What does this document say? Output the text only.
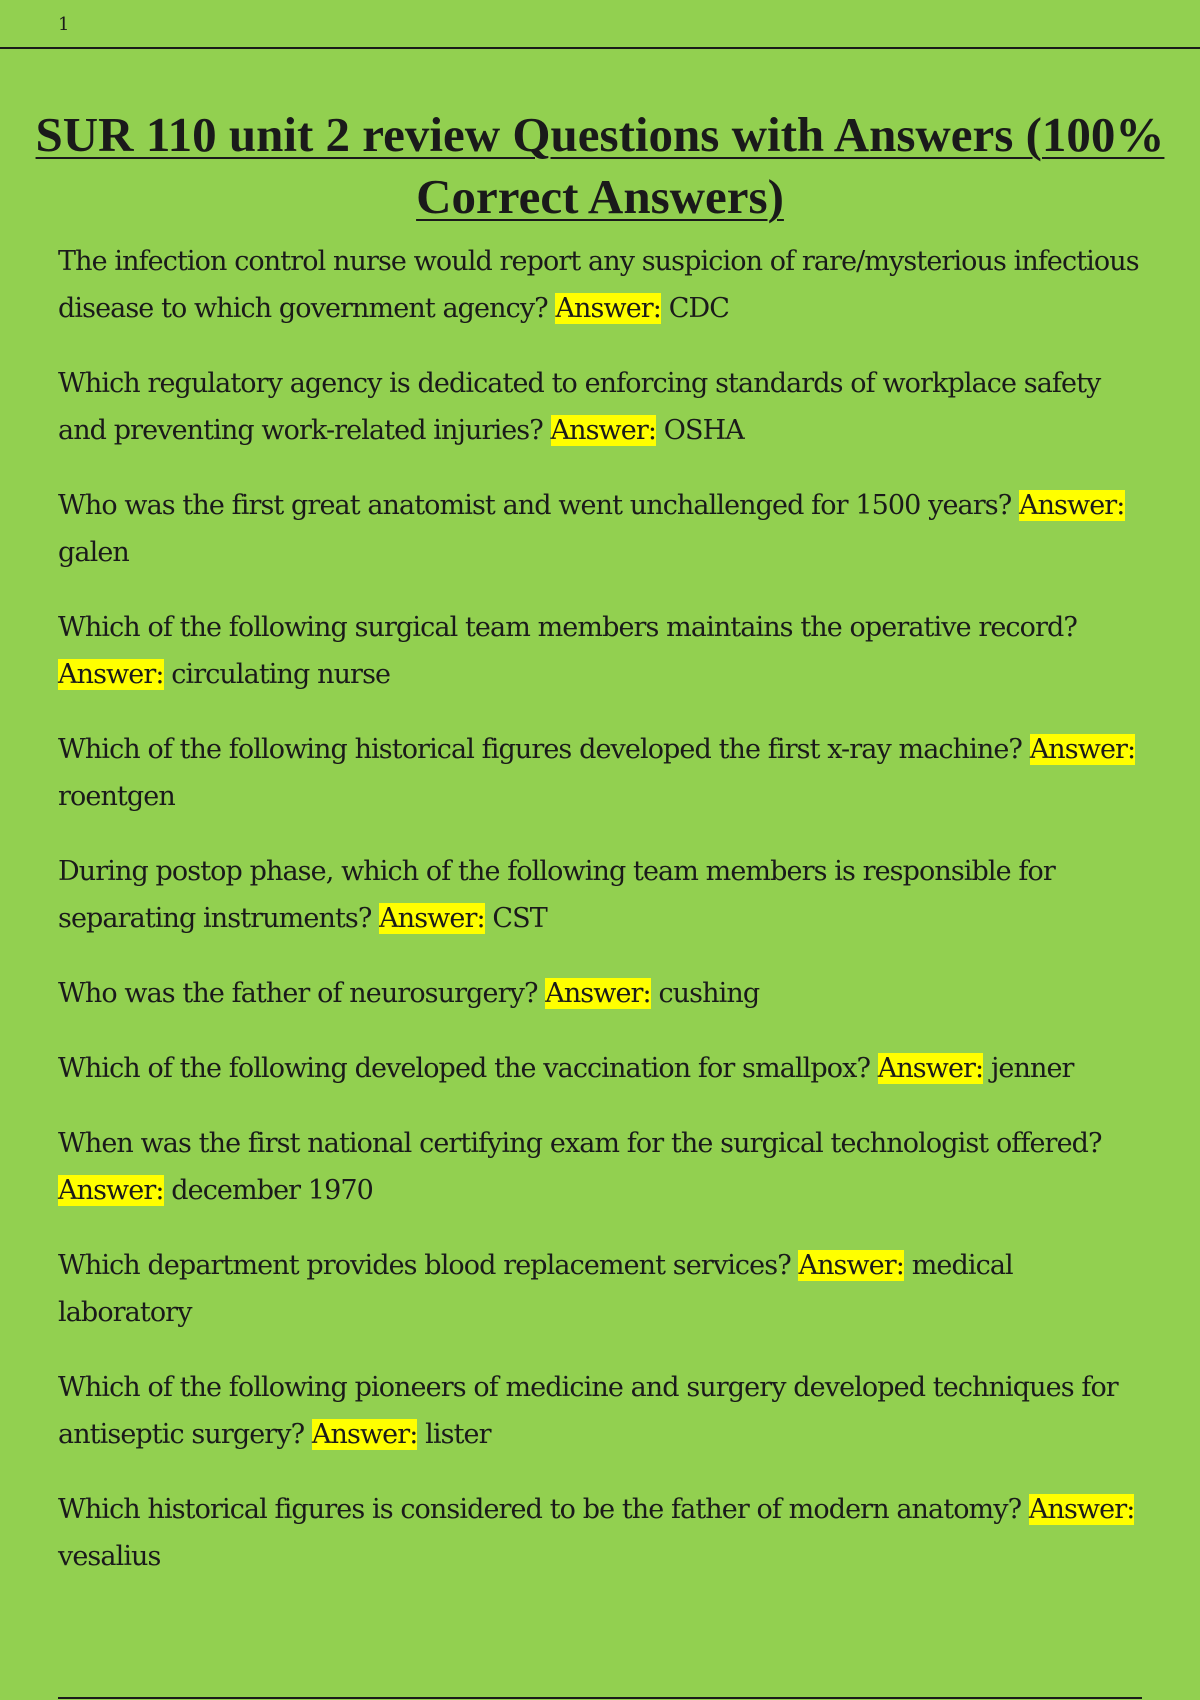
1
SUR 110 unit 2 review Questions with Answers (100% Correct Answers)
The infection control nurse would report any suspicion of rare/mysterious infectious disease to which government agency? Answer: CDC
Which regulatory agency is dedicated to enforcing standards of workplace safety and preventing work-related injuries? Answer: OSHA
Who was the first great anatomist and went unchallenged for 1500 years? Answer: galen
Which of the following surgical team members maintains the operative record? Answer: circulating nurse
Which of the following historical figures developed the first x-ray machine? Answer: roentgen
During postop phase, which of the following team members is responsible for separating instruments? Answer: CST
Who was the father of neurosurgery? Answer: cushing
Which of the following developed the vaccination for smallpox? Answer: jenner
When was the first national certifying exam for the surgical technologist offered? Answer: december 1970
Which department provides blood replacement services? Answer: medical laboratory
Which of the following pioneers of medicine and surgery developed techniques for antiseptic surgery? Answer: lister
Which historical figures is considered to be the father of modern anatomy? Answer: vesalius
